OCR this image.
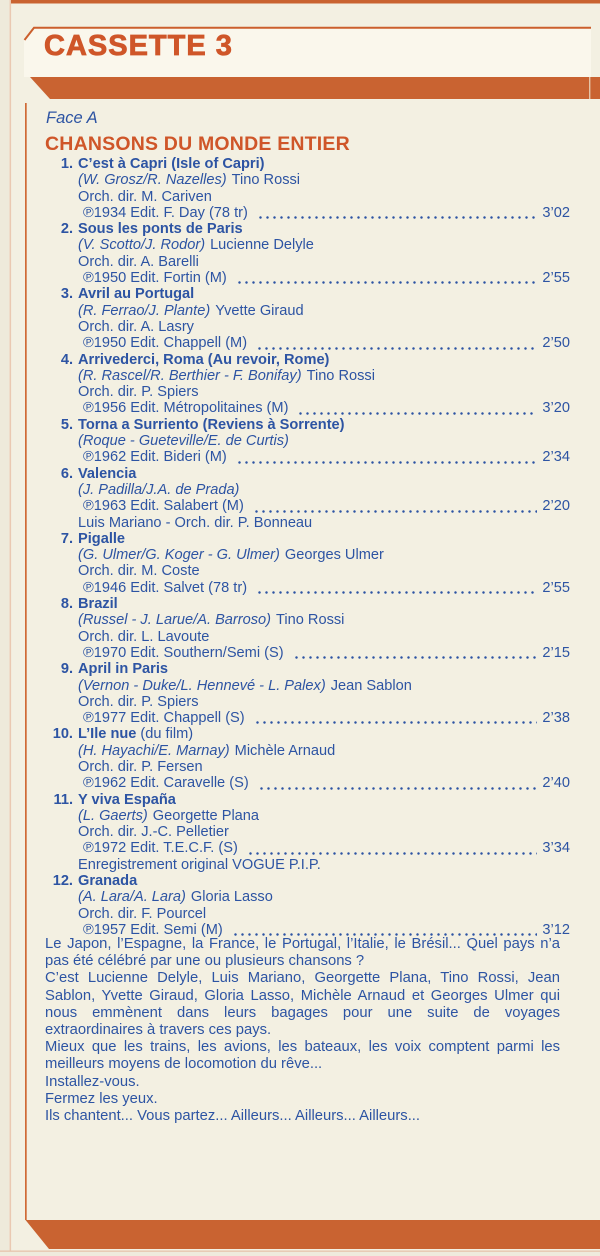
CASSETTE 3
Face A
CHANSONS DU MONDE ENTIER
1. C’est à Capri (Isle of Capri)
(W. Grosz/R. Nazelles) Tino Rossi
Orch. dir. M. Cariven
℗1934 Edit. F. Day (78 tr)	3’02
2. Sous les ponts de Paris
(V. Scotto/J. Rodor) Lucienne Delyle
Orch. dir. A. Barelli
℗1950 Edit. Fortin (M)	2’55
3. Avril au Portugal
(R. Ferrao/J. Plante) Yvette Giraud
Orch. dir. A. Lasry
℗1950 Edit. Chappell (M)	2’50
4. Arrivederci, Roma (Au revoir, Rome)
(R. Rascel/R. Berthier - F. Bonifay) Tino Rossi
Orch. dir. P. Spiers
℗1956 Edit. Métropolitaines (M)	3’20
5. Torna a Surriento (Reviens à Sorrente)
(Roque - Gueteville/E. de Curtis)
℗1962 Edit. Bideri (M)	2’34
6. Valencia
(J. Padilla/J.A. de Prada)
℗1963 Edit. Salabert (M)	2’20
Luis Mariano - Orch. dir. P. Bonneau
7. Pigalle
(G. Ulmer/G. Koger - G. Ulmer) Georges Ulmer
Orch. dir. M. Coste
℗1946 Edit. Salvet (78 tr)	2’55
8. Brazil
(Russel - J. Larue/A. Barroso) Tino Rossi
Orch. dir. L. Lavoute
℗1970 Edit. Southern/Semi (S)	2’15
9. April in Paris
(Vernon - Duke/L. Hennevé - L. Palex) Jean Sablon
Orch. dir. P. Spiers
℗1977 Edit. Chappell (S)	2’38
10. L’Ile nue (du film)
(H. Hayachi/E. Marnay) Michèle Arnaud
Orch. dir. P. Fersen
℗1962 Edit. Caravelle (S)	2’40
11. Y viva España
(L. Gaerts) Georgette Plana
Orch. dir. J.-C. Pelletier
℗1972 Edit. T.E.C.F. (S)	3’34
Enregistrement original VOGUE P.I.P.
12. Granada
(A. Lara/A. Lara) Gloria Lasso
Orch. dir. F. Pourcel
℗1957 Edit. Semi (M)	3’12

Le Japon, l’Espagne, la France, le Portugal, l’Italie, le Brésil... Quel pays n’a pas été célébré par une ou plusieurs chansons ?

C’est Lucienne Delyle, Luis Mariano, Georgette Plana, Tino Rossi, Jean Sablon, Yvette Giraud, Gloria Lasso, Michèle Arnaud et Georges Ulmer qui nous emmènent dans leurs bagages pour une suite de voyages extraordinaires à travers ces pays.

Mieux que les trains, les avions, les bateaux, les voix comptent parmi les meilleurs moyens de locomotion du rêve...

Installez-vous.

Fermez les yeux.

Ils chantent... Vous partez... Ailleurs... Ailleurs... Ailleurs...
